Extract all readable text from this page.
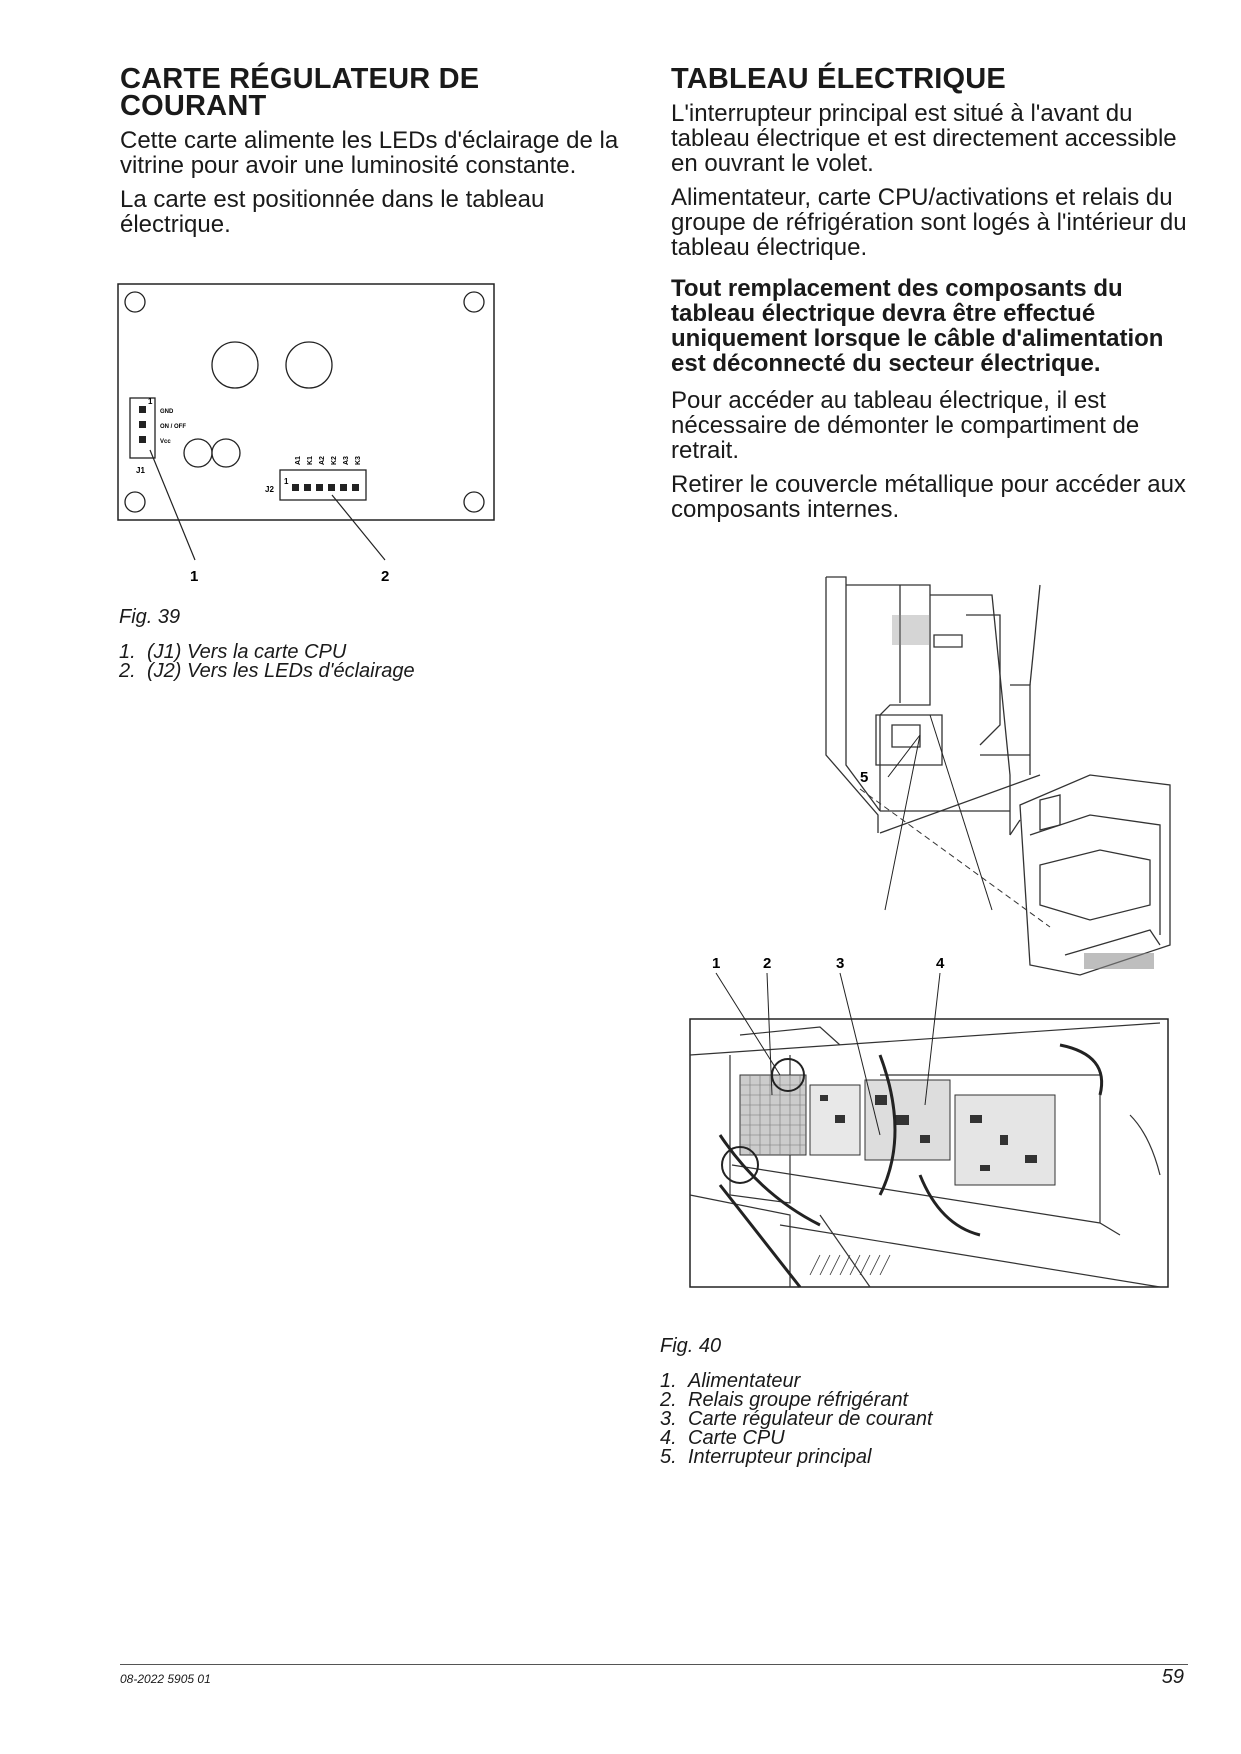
CARTE RÉGULATEUR DE COURANT

Cette carte alimente les LEDs d'éclairage de la vitrine pour avoir une luminosité constante.

La carte est positionnée dans le tableau électrique.

1
J1
GND
ON / OFF
Vcc
1
J2
A1 K1 A2 K2 A3 K3
1	2
Fig. 39
1. (J1) Vers la carte CPU
2. (J2) Vers les LEDs d'éclairage
TABLEAU ÉLECTRIQUE

L'interrupteur principal est situé à l'avant du tableau électrique et est directement accessible en ouvrant le volet.

Alimentateur, carte CPU/activations et relais du groupe de réfrigération sont logés à l'intérieur du tableau électrique.

Tout remplacement des composants du tableau électrique devra être effectué uniquement lorsque le câble d'alimentation est déconnecté du secteur électrique.

Pour accéder au tableau électrique, il est nécessaire de démonter le compartiment de retrait.

Retirer le couvercle métallique pour accéder aux composants internes.

5
1	2	3	4
Fig. 40
1. Alimentateur
2. Relais groupe réfrigérant
3. Carte régulateur de courant
4. Carte CPU
5. Interrupteur principal
08-2022 5905 01	59
